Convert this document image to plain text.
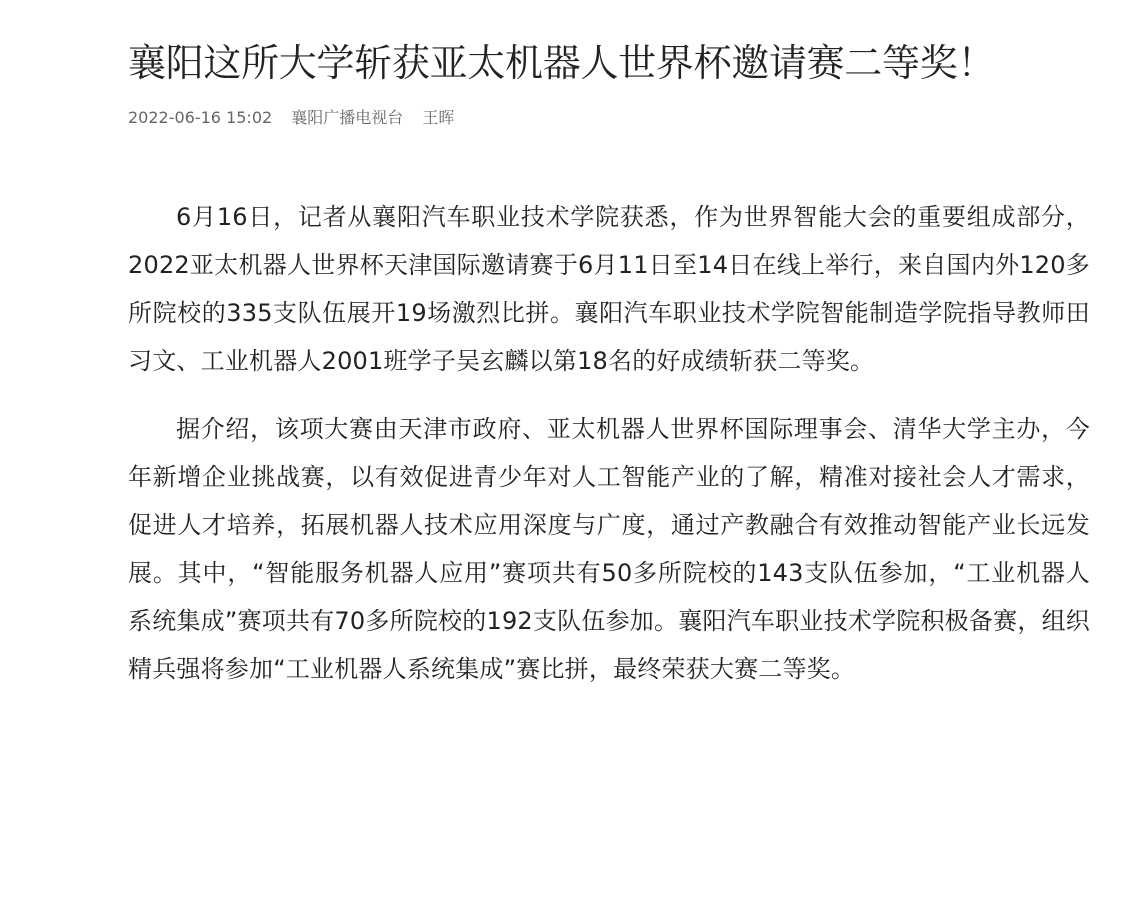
襄阳这所大学斩获亚太机器人世界杯邀请赛二等奖！
2022-06-16 15:02 襄阳广播电视台 王晖

6月16日，记者从襄阳汽车职业技术学院获悉，作为世界智能大会的重要组成部分，2022亚太机器人世界杯天津国际邀请赛于6月11日至14日在线上举行，来自国内外120多所院校的335支队伍展开19场激烈比拼。襄阳汽车职业技术学院智能制造学院指导教师田习文、工业机器人2001班学子吴玄麟以第18名的好成绩斩获二等奖。

据介绍，该项大赛由天津市政府、亚太机器人世界杯国际理事会、清华大学主办，今年新增企业挑战赛，以有效促进青少年对人工智能产业的了解，精准对接社会人才需求，促进人才培养，拓展机器人技术应用深度与广度，通过产教融合有效推动智能产业长远发展。其中，“智能服务机器人应用”赛项共有50多所院校的143支队伍参加，“工业机器人系统集成”赛项共有70多所院校的192支队伍参加。襄阳汽车职业技术学院积极备赛，组织精兵强将参加“工业机器人系统集成”赛比拼，最终荣获大赛二等奖。
